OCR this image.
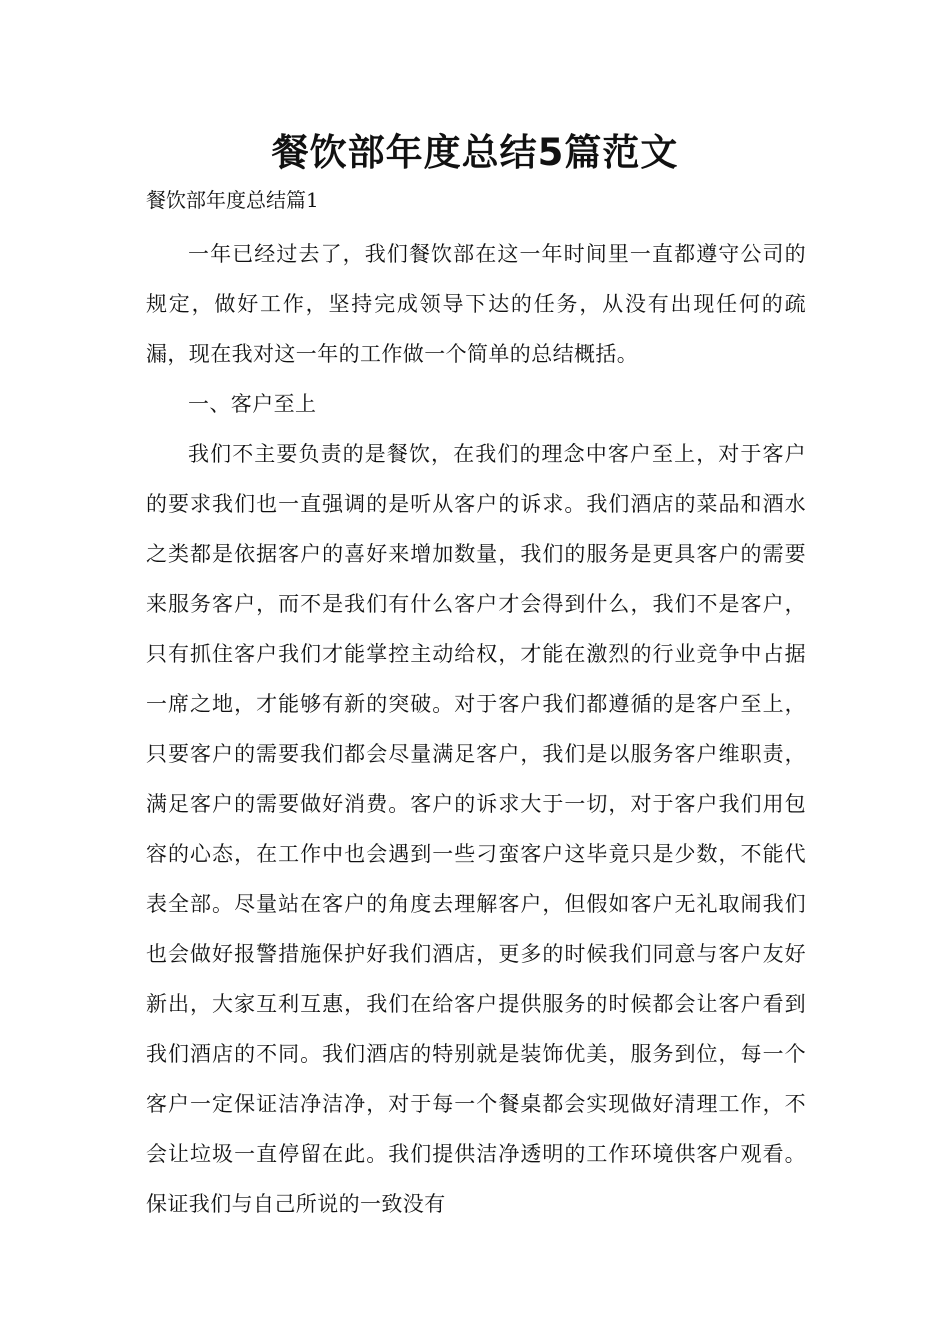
餐饮部年度总结5篇范文

餐饮部年度总结篇1

一年已经过去了，我们餐饮部在这一年时间里一直都遵守公司的规定，做好工作，坚持完成领导下达的任务，从没有出现任何的疏漏，现在我对这一年的工作做一个简单的总结概括。

一、客户至上

我们不主要负责的是餐饮，在我们的理念中客户至上，对于客户的要求我们也一直强调的是听从客户的诉求。我们酒店的菜品和酒水之类都是依据客户的喜好来增加数量，我们的服务是更具客户的需要来服务客户，而不是我们有什么客户才会得到什么，我们不是客户，只有抓住客户我们才能掌控主动给权，才能在激烈的行业竞争中占据一席之地，才能够有新的突破。对于客户我们都遵循的是客户至上，只要客户的需要我们都会尽量满足客户，我们是以服务客户维职责，满足客户的需要做好消费。客户的诉求大于一切，对于客户我们用包容的心态，在工作中也会遇到一些刁蛮客户这毕竟只是少数，不能代表全部。尽量站在客户的角度去理解客户，但假如客户无礼取闹我们也会做好报警措施保护好我们酒店，更多的时候我们同意与客户友好新出，大家互利互惠，我们在给客户提供服务的时候都会让客户看到我们酒店的不同。我们酒店的特别就是装饰优美，服务到位，每一个客户一定保证洁净洁净，对于每一个餐桌都会实现做好清理工作，不会让垃圾一直停留在此。我们提供洁净透明的工作环境供客户观看。保证我们与自己所说的一致没有
